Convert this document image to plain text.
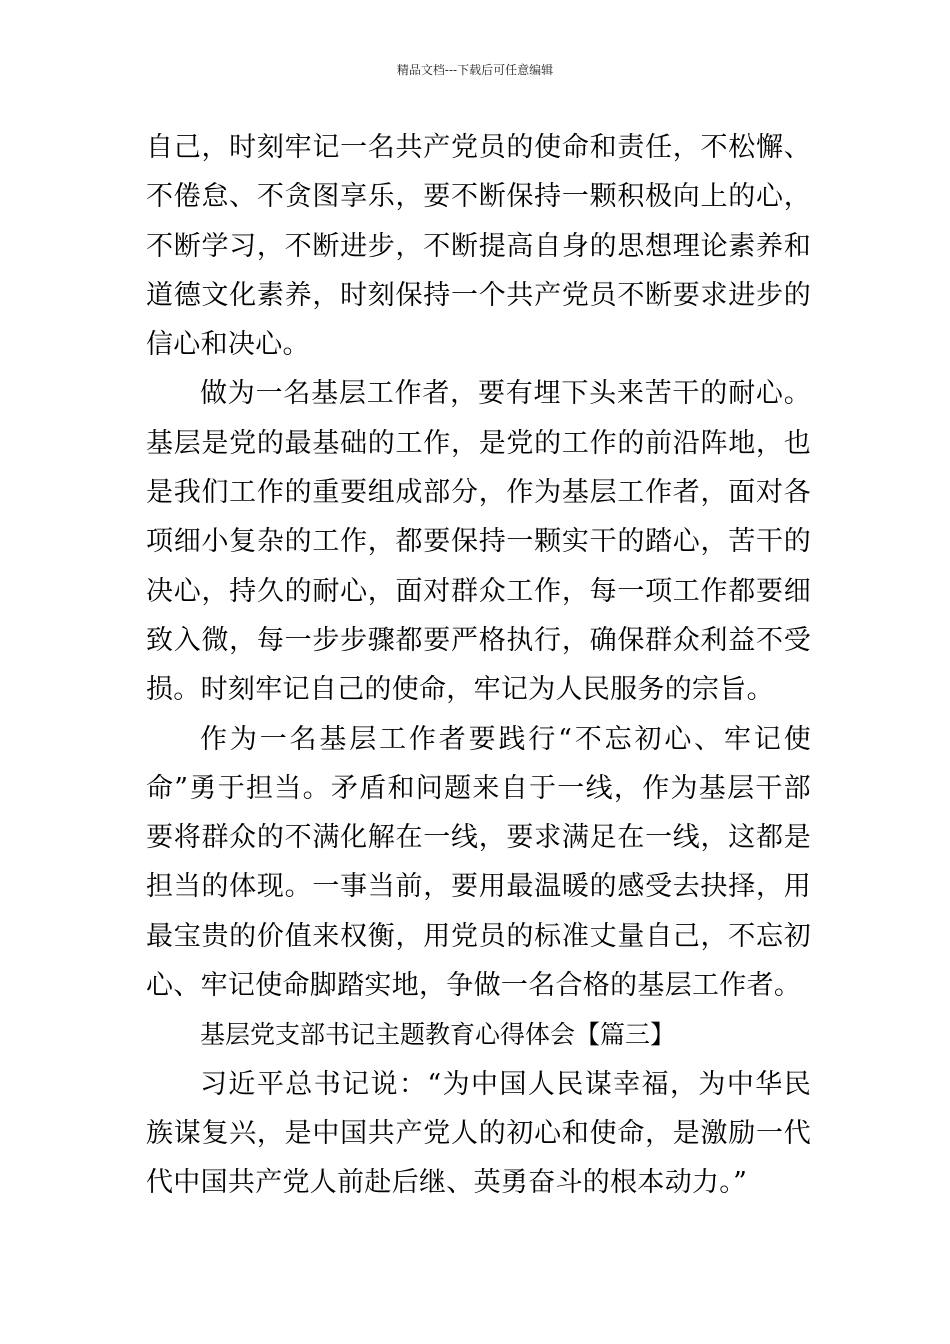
精品文档---下载后可任意编辑

自己，时刻牢记一名共产党员的使命和责任，不松懈、不倦怠、不贪图享乐，要不断保持一颗积极向上的心，不断学习，不断进步，不断提高自身的思想理论素养和道德文化素养，时刻保持一个共产党员不断要求进步的信心和决心。

做为一名基层工作者，要有埋下头来苦干的耐心。基层是党的最基础的工作，是党的工作的前沿阵地，也是我们工作的重要组成部分，作为基层工作者，面对各项细小复杂的工作，都要保持一颗实干的踏心，苦干的决心，持久的耐心，面对群众工作，每一项工作都要细致入微，每一步步骤都要严格执行，确保群众利益不受损。时刻牢记自己的使命，牢记为人民服务的宗旨。

作为一名基层工作者要践行“不忘初心、牢记使命”勇于担当。矛盾和问题来自于一线，作为基层干部要将群众的不满化解在一线，要求满足在一线，这都是担当的体现。一事当前，要用最温暖的感受去抉择，用最宝贵的价值来权衡，用党员的标准丈量自己，不忘初心、牢记使命脚踏实地，争做一名合格的基层工作者。

基层党支部书记主题教育心得体会【篇三】

习近平总书记说：“为中国人民谋幸福，为中华民族谋复兴，是中国共产党人的初心和使命，是激励一代代中国共产党人前赴后继、英勇奋斗的根本动力。”
